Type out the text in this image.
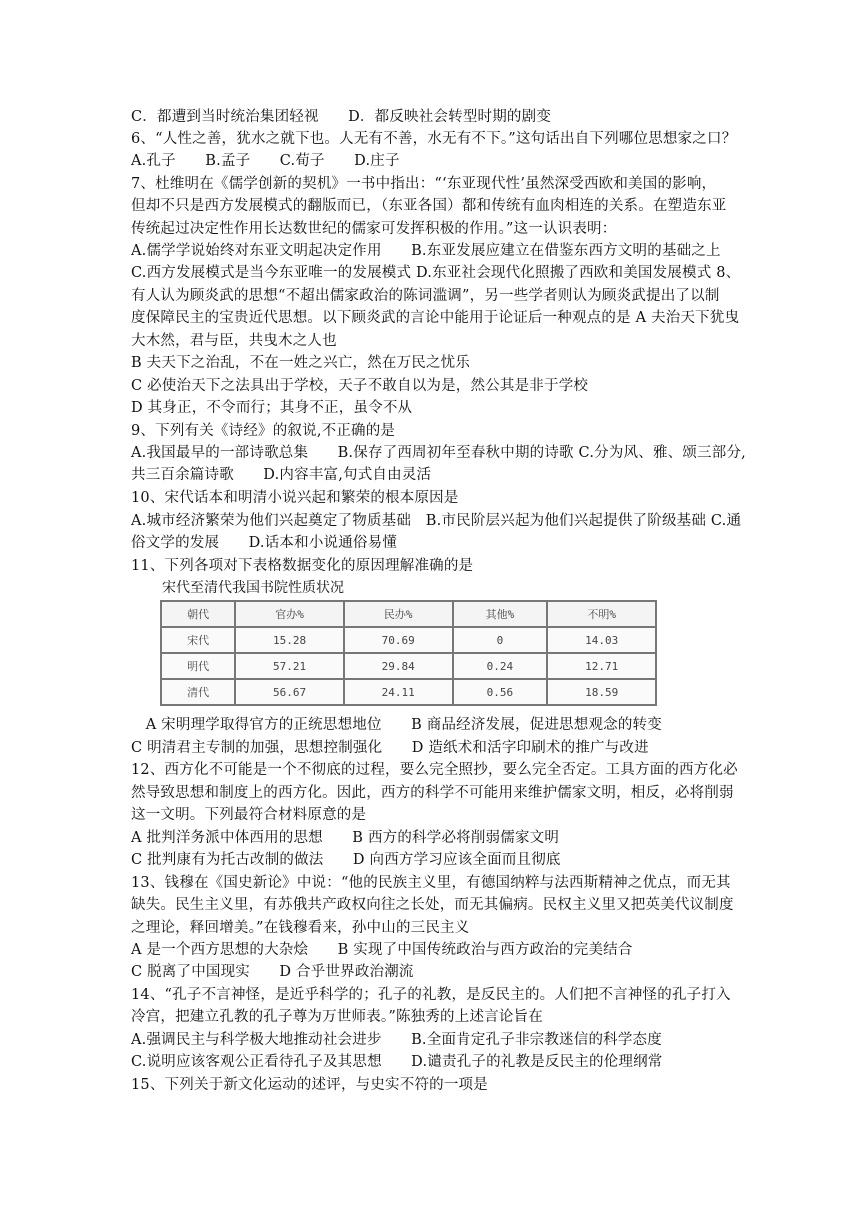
C．都遭到当时统治集团轻视　　D．都反映社会转型时期的剧变
6、“人性之善，犹水之就下也。人无有不善，水无有不下。”这句话出自下列哪位思想家之口？
A.孔子　　B.孟子　　C.荀子　　D.庄子
7、杜维明在《儒学创新的契机》一书中指出：“‘东亚现代性’虽然深受西欧和美国的影响，
但却不只是西方发展模式的翻版而已，（东亚各国）都和传统有血肉相连的关系。在塑造东亚
传统起过决定性作用长达数世纪的儒家可发挥积极的作用。”这一认识表明：
A.儒学学说始终对东亚文明起决定作用　　B.东亚发展应建立在借鉴东西方文明的基础之上
C.西方发展模式是当今东亚唯一的发展模式 D.东亚社会现代化照搬了西欧和美国发展模式 8、
有人认为顾炎武的思想“不超出儒家政治的陈词滥调”，另一些学者则认为顾炎武提出了以制
度保障民主的宝贵近代思想。以下顾炎武的言论中能用于论证后一种观点的是 A 夫治天下犹曳
大木然，君与臣，共曳木之人也
B 夫天下之治乱，不在一姓之兴亡，然在万民之忧乐
C 必使治天下之法具出于学校，天子不敢自以为是，然公其是非于学校
D 其身正，不令而行；其身不正，虽令不从
9、下列有关《诗经》的叙说,不正确的是
A.我国最早的一部诗歌总集　　B.保存了西周初年至春秋中期的诗歌 C.分为风、雅、颂三部分,
共三百余篇诗歌　　D.内容丰富,句式自由灵活
10、宋代话本和明清小说兴起和繁荣的根本原因是
A.城市经济繁荣为他们兴起奠定了物质基础　B.市民阶层兴起为他们兴起提供了阶级基础 C.通
俗文学的发展　　D.话本和小说通俗易懂
11、下列各项对下表格数据变化的原因理解准确的是
宋代至清代我国书院性质状况
朝代	官办%	民办%	其他%	不明%
宋代	15.28	70.69	0	14.03
明代	57.21	29.84	0.24	12.71
清代	56.67	24.11	0.56	18.59
　A 宋明理学取得官方的正统思想地位　　B 商品经济发展，促进思想观念的转变
C 明清君主专制的加强，思想控制强化　　D 造纸术和活字印刷术的推广与改进
12、西方化不可能是一个不彻底的过程，要么完全照抄，要么完全否定。工具方面的西方化必
然导致思想和制度上的西方化。因此，西方的科学不可能用来维护儒家文明，相反，必将削弱
这一文明。下列最符合材料原意的是
A 批判洋务派中体西用的思想　　B 西方的科学必将削弱儒家文明
C 批判康有为托古改制的做法　　D 向西方学习应该全面而且彻底
13、钱穆在《国史新论》中说：“他的民族主义里，有德国纳粹与法西斯精神之优点，而无其
缺失。民生主义里，有苏俄共产政权向往之长处，而无其偏病。民权主义里又把英美代议制度
之理论，释回增美。”在钱穆看来，孙中山的三民主义
A 是一个西方思想的大杂烩　　B 实现了中国传统政治与西方政治的完美结合
C 脱离了中国现实　　D 合乎世界政治潮流
14、“孔子不言神怪，是近乎科学的；孔子的礼教，是反民主的。人们把不言神怪的孔子打入
冷宫，把建立孔教的孔子尊为万世师表。”陈独秀的上述言论旨在
A.强调民主与科学极大地推动社会进步　　B.全面肯定孔子非宗教迷信的科学态度
C.说明应该客观公正看待孔子及其思想　　D.谴责孔子的礼教是反民主的伦理纲常
15、下列关于新文化运动的述评，与史实不符的一项是
